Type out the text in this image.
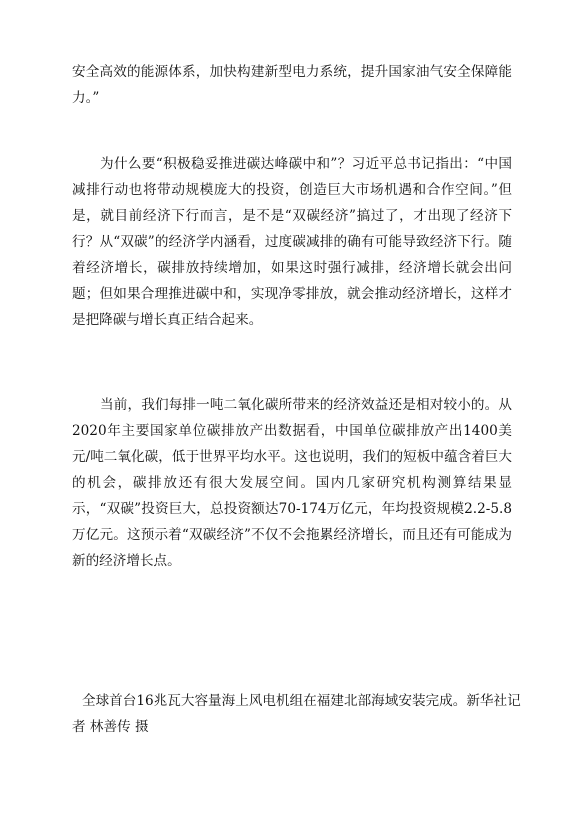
安全高效的能源体系，加快构建新型电力系统，提升国家油气安全保障能力。”

为什么要“积极稳妥推进碳达峰碳中和”？习近平总书记指出：“中国减排行动也将带动规模庞大的投资，创造巨大市场机遇和合作空间。”但是，就目前经济下行而言，是不是“双碳经济”搞过了，才出现了经济下行？从“双碳”的经济学内涵看，过度碳减排的确有可能导致经济下行。随着经济增长，碳排放持续增加，如果这时强行减排，经济增长就会出问题；但如果合理推进碳中和，实现净零排放，就会推动经济增长，这样才是把降碳与增长真正结合起来。

当前，我们每排一吨二氧化碳所带来的经济效益还是相对较小的。从2020年主要国家单位碳排放产出数据看，中国单位碳排放产出1400美元/吨二氧化碳，低于世界平均水平。这也说明，我们的短板中蕴含着巨大的机会，碳排放还有很大发展空间。国内几家研究机构测算结果显示，“双碳”投资巨大，总投资额达70-174万亿元，年均投资规模2.2-5.8万亿元。这预示着“双碳经济”不仅不会拖累经济增长，而且还有可能成为新的经济增长点。

全球首台16兆瓦大容量海上风电机组在福建北部海域安装完成。新华社记者 林善传 摄
